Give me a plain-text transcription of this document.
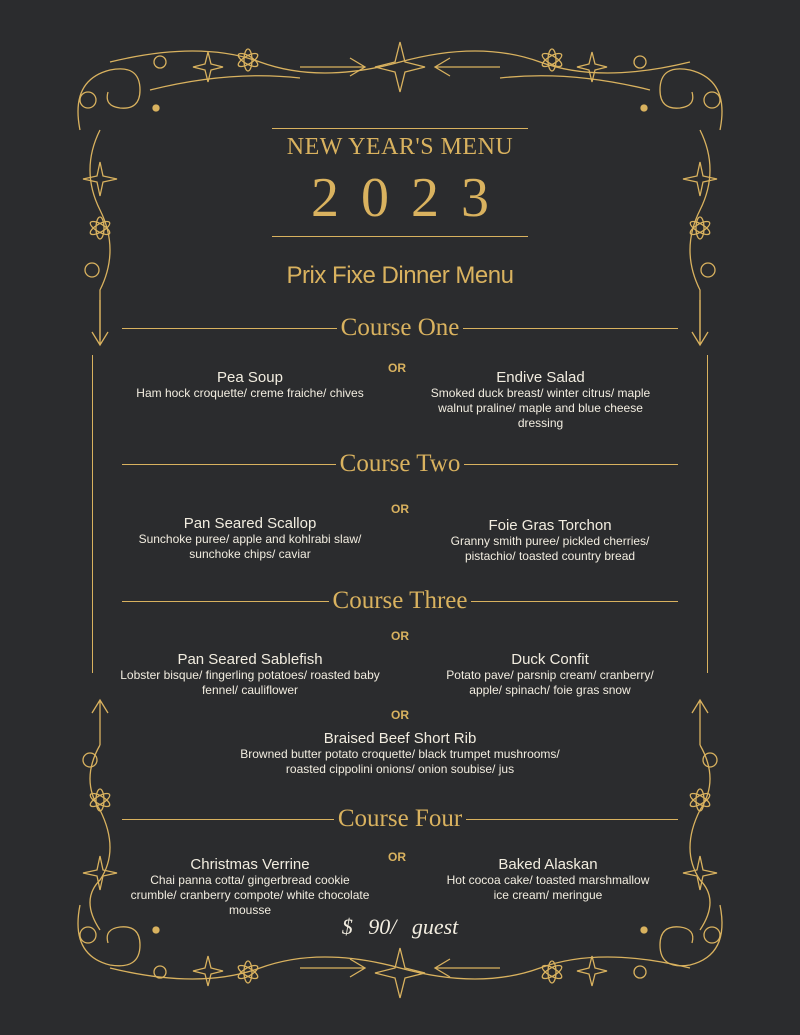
NEW YEAR'S MENU
2023
Prix Fixe Dinner Menu
Course One
OR
Pea Soup
Ham hock croquette/ creme fraiche/ chives
Endive Salad
Smoked duck breast/ winter citrus/ maple walnut praline/ maple and blue cheese dressing
Course Two
OR
Pan Seared Scallop
Sunchoke puree/ apple and kohlrabi slaw/ sunchoke chips/ caviar
Foie Gras Torchon
Granny smith puree/ pickled cherries/ pistachio/ toasted country bread
Course Three
OR
Pan Seared Sablefish
Lobster bisque/ fingerling potatoes/ roasted baby fennel/ cauliflower
Duck Confit
Potato pave/ parsnip cream/ cranberry/ apple/ spinach/ foie gras snow
OR
Braised Beef Short Rib
Browned butter potato croquette/ black trumpet mushrooms/ roasted cippolini onions/ onion soubise/ jus
Course Four
OR
Christmas Verrine
Chai panna cotta/ gingerbread cookie crumble/ cranberry compote/ white chocolate mousse
Baked Alaskan
Hot cocoa cake/ toasted marshmallow ice cream/ meringue
$ 90/ guest
